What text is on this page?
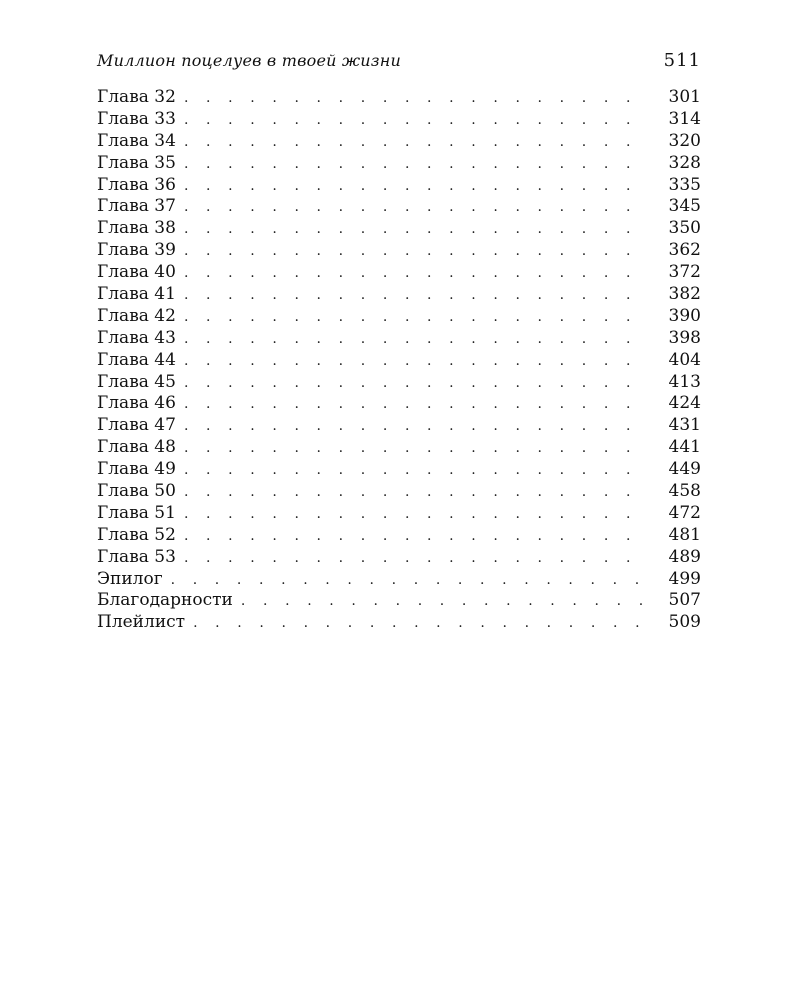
Миллион поцелуев в твоей жизни	511
Глава 32 . . .	301
Глава 33 . . .	314
Глава 34 . . .	320
Глава 35 . . .	328
Глава 36 . . .	335
Глава 37 . . .	345
Глава 38 . . .	350
Глава 39 . . .	362
Глава 40 . . .	372
Глава 41 . . .	382
Глава 42 . . .	390
Глава 43 . . .	398
Глава 44 . . .	404
Глава 45 . . .	413
Глава 46 . . .	424
Глава 47 . . .	431
Глава 48 . . .	441
Глава 49 . . .	449
Глава 50 . . .	458
Глава 51 . . .	472
Глава 52 . . .	481
Глава 53 . . .	489
Эпилог . . .	499
Благодарности . . .	507
Плейлист . . .	509
